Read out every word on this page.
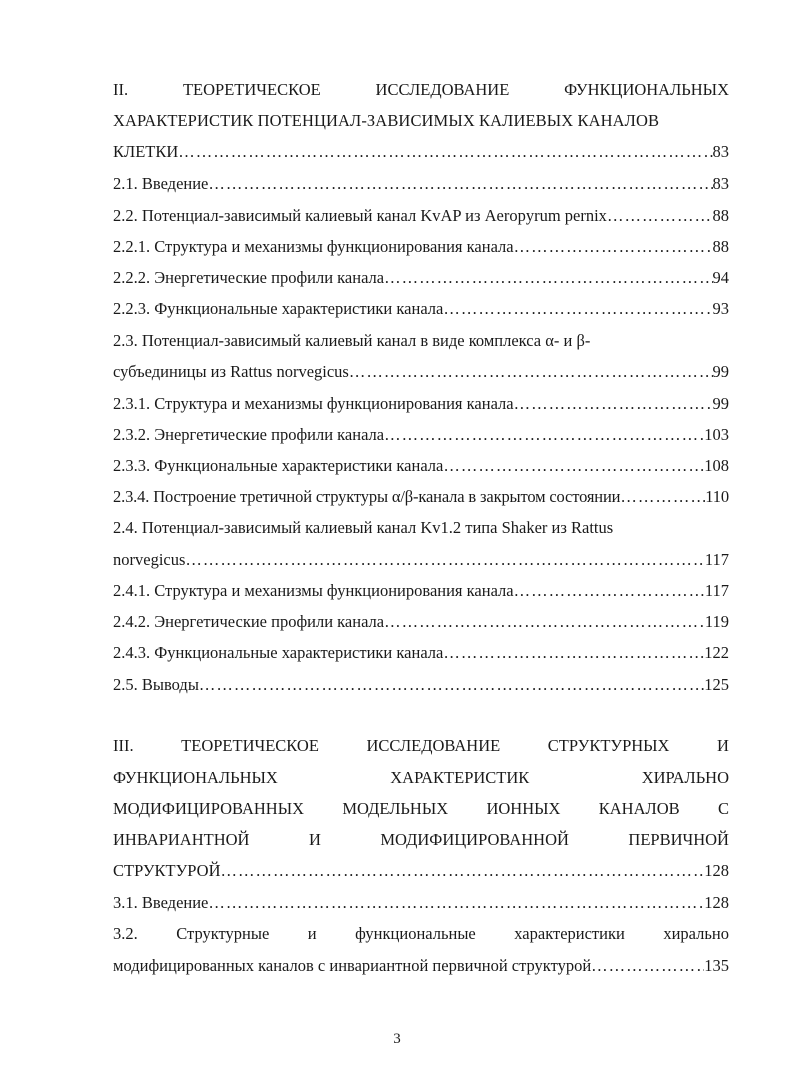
II.	ТЕОРЕТИЧЕСКОЕ	ИССЛЕДОВАНИЕ	ФУНКЦИОНАЛЬНЫХ
ХАРАКТЕРИСТИК ПОТЕНЦИАЛ-ЗАВИСИМЫХ КАЛИЕВЫХ КАНАЛОВ
КЛЕТКИ ……………………………………………………………………………………………………………………………………………………………………	83
2.1. Введение ……………………………………………………………………………………………………………………………………………………………………	83
2.2. Потенциал-зависимый калиевый канал KvAP из Aeropyrum pernix ……………………………………………………………………………………………………………………………………………………………………	88
2.2.1. Структура и механизмы функционирования канала ……………………………………………………………………………………………………………………………………………………………………	88
2.2.2. Энергетические профили канала ……………………………………………………………………………………………………………………………………………………………………	94
2.2.3. Функциональные характеристики канала ……………………………………………………………………………………………………………………………………………………………………	93
2.3. Потенциал-зависимый калиевый канал в виде комплекса α- и β-
субъединицы из Rattus norvegicus ……………………………………………………………………………………………………………………………………………………………………	99
2.3.1. Структура и механизмы функционирования канала ……………………………………………………………………………………………………………………………………………………………………	99
2.3.2. Энергетические профили канала ……………………………………………………………………………………………………………………………………………………………………	103
2.3.3. Функциональные характеристики канала ……………………………………………………………………………………………………………………………………………………………………	108
2.3.4. Построение третичной структуры α/β-канала в закрытом состоянии ……………………………………………………………………………………………………………………………………………………………………	110
2.4. Потенциал-зависимый калиевый канал Kv1.2 типа Shaker из Rattus
norvegicus ……………………………………………………………………………………………………………………………………………………………………	117
2.4.1. Структура и механизмы функционирования канала ……………………………………………………………………………………………………………………………………………………………………	117
2.4.2. Энергетические профили канала ……………………………………………………………………………………………………………………………………………………………………	119
2.4.3. Функциональные характеристики канала ……………………………………………………………………………………………………………………………………………………………………	122
2.5. Выводы ……………………………………………………………………………………………………………………………………………………………………	125
III.	ТЕОРЕТИЧЕСКОЕ	ИССЛЕДОВАНИЕ	СТРУКТУРНЫХ	И
ФУНКЦИОНАЛЬНЫХ	ХАРАКТЕРИСТИК	ХИРАЛЬНО
МОДИФИЦИРОВАННЫХ МОДЕЛЬНЫХ ИОННЫХ КАНАЛОВ С
ИНВАРИАНТНОЙ	И	МОДИФИЦИРОВАННОЙ	ПЕРВИЧНОЙ
СТРУКТУРОЙ ……………………………………………………………………………………………………………………………………………………………………	128
3.1. Введение ……………………………………………………………………………………………………………………………………………………………………	128
3.2. Структурные и функциональные характеристики хирально
модифицированных каналов с инвариантной первичной структурой ……………………………………………………………………………………………………………………………………………………………………	135
3
